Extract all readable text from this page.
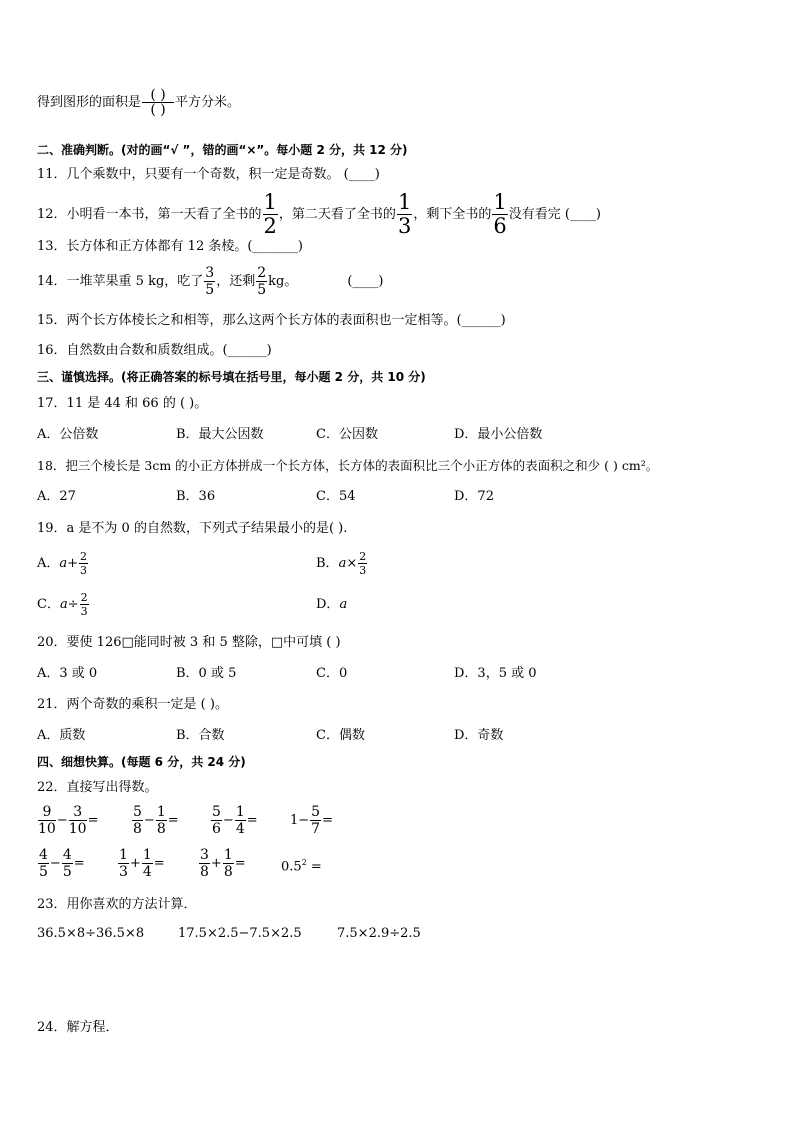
得到图形的面积是 $\frac{( )}{( )}$ 平方分米。
二、准确判断。(对的画“√ ”，错的画“×”。每小题 2 分，共 12 分)
11．几个乘数中，只要有一个奇数，积一定是奇数。 (____)
12．小明看一本书，第一天看了全书的 $\frac{1}{2}$ ，第二天看了全书的 $\frac{1}{3}$ ，剩下全书的 $\frac{1}{6}$ 没有看完 (____)
13．长方体和正方体都有 12 条棱。(_______)
14．一堆苹果重 5 kg，吃了 $\frac{3}{5}$ ，还剩 $\frac{2}{5}$ kg。	(____)
15．两个长方体棱长之和相等，那么这两个长方体的表面积也一定相等。(______)
16．自然数由合数和质数组成。(______)
三、谨慎选择。(将正确答案的标号填在括号里，每小题 2 分，共 10 分)
17．11 是 44 和 66 的 ( )。
A．公倍数	B．最大公因数	C．公因数	D．最小公倍数
18．把三个棱长是 3cm 的小正方体拼成一个长方体，长方体的表面积比三个小正方体的表面积之和少 ( ) cm²。
A．27	B．36	C．54	D．72
19．a 是不为 0 的自然数，下列式子结果最小的是( ).
A．$a+ \frac{2}{3}$	B．$a\times \frac{2}{3}$
C．$a\div \frac{2}{3}$	D．a
20．要使 126□能同时被 3 和 5 整除，□中可填 ( )
A．3 或 0	B．0 或 5	C．0	D．3，5 或 0
21．两个奇数的乘积一定是 ( )。
A．质数	B．合数	C．偶数	D．奇数
四、细想快算。(每题 6 分，共 24 分)
22．直接写出得数。
$\frac{9}{10} - \frac{3}{10} = \frac{5}{8} - \frac{1}{8} = \frac{5}{6} - \frac{1}{4} = 1- \frac{5}{7}$ =
$\frac{4}{5} - \frac{4}{5} = \frac{1}{3} + \frac{1}{4} = \frac{3}{8} + \frac{1}{8}$ =	$0.5^2$ =
23．用你喜欢的方法计算．
36.5×8÷36.5×8	17.5×2.5−7.5×2.5	7.5×2.9÷2.5
24．解方程．
